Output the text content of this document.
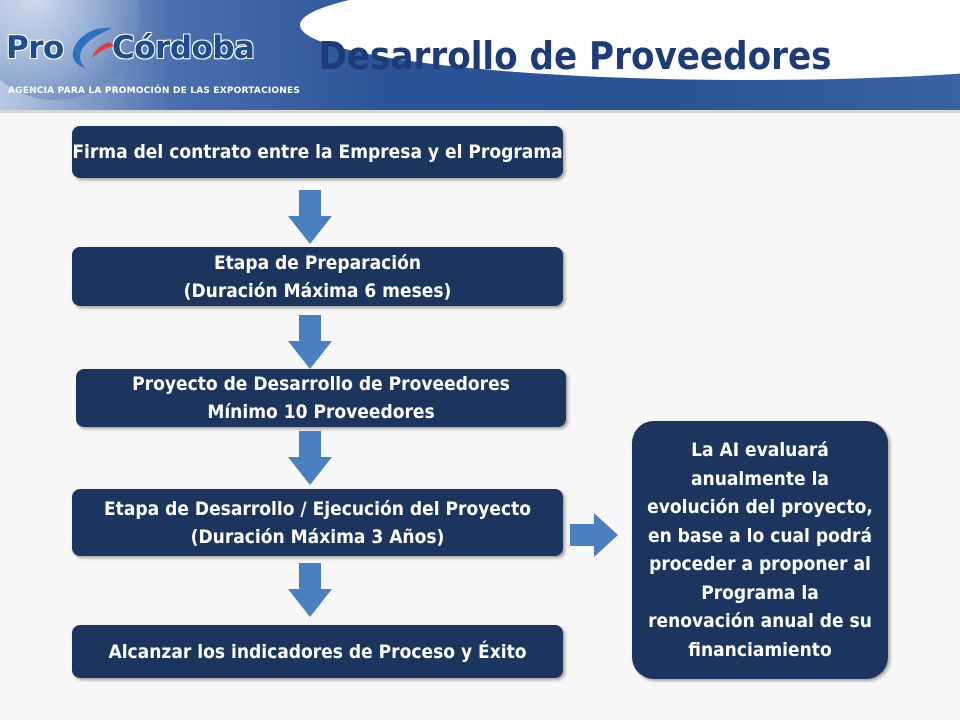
Pro Córdoba
AGENCIA PARA LA PROMOCIÓN DE LAS EXPORTACIONES
Desarrollo de Proveedores
Firma del contrato entre la Empresa y el Programa
Etapa de Preparación
(Duración Máxima 6 meses)
Proyecto de Desarrollo de Proveedores
Mínimo 10 Proveedores
Etapa de Desarrollo / Ejecución del Proyecto
(Duración Máxima 3 Años)
Alcanzar los indicadores de Proceso y Éxito
La AI evaluará
anualmente la
evolución del proyecto,
en base a lo cual podrá
proceder a proponer al
Programa la
renovación anual de su
financiamiento
